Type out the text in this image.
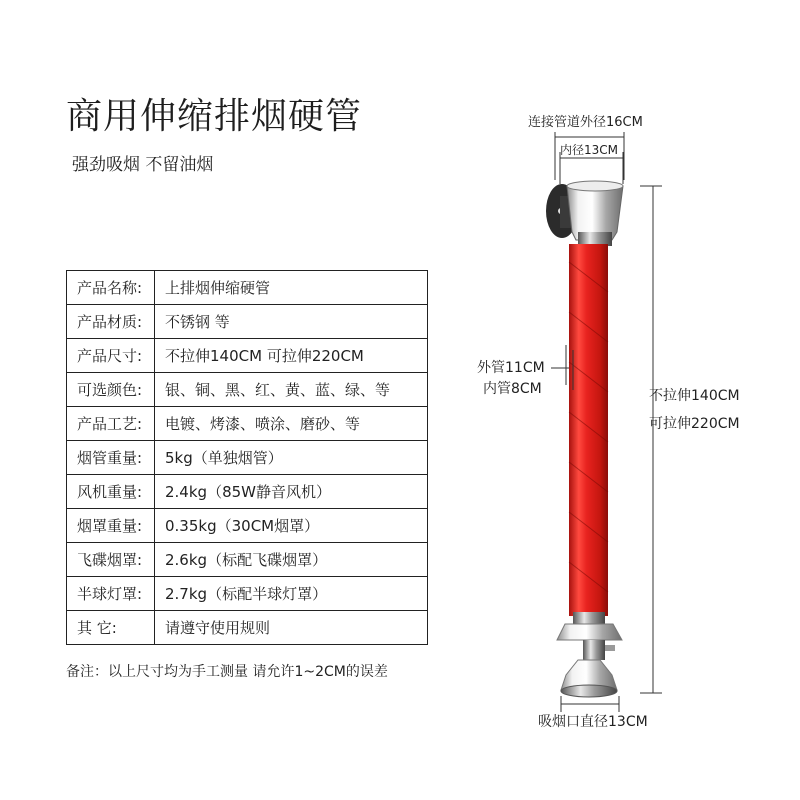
商用伸缩排烟硬管
强劲吸烟 不留油烟
产品名称:	上排烟伸缩硬管
产品材质:	不锈钢 等
产品尺寸:	不拉伸140CM 可拉伸220CM
可选颜色:	银、铜、黑、红、黄、蓝、绿、等
产品工艺:	电镀、烤漆、喷涂、磨砂、等
烟管重量:	5kg（单独烟管）
风机重量:	2.4kg（85W静音风机）
烟罩重量:	0.35kg（30CM烟罩）
飞碟烟罩:	2.6kg（标配飞碟烟罩）
半球灯罩:	2.7kg（标配半球灯罩）
其 它:	请遵守使用规则
备注：以上尺寸均为手工测量 请允许1~2CM的误差
连接管道外径16CM
内径13CM
外管11CM
内管8CM	不拉伸140CM
可拉伸220CM
吸烟口直径13CM
